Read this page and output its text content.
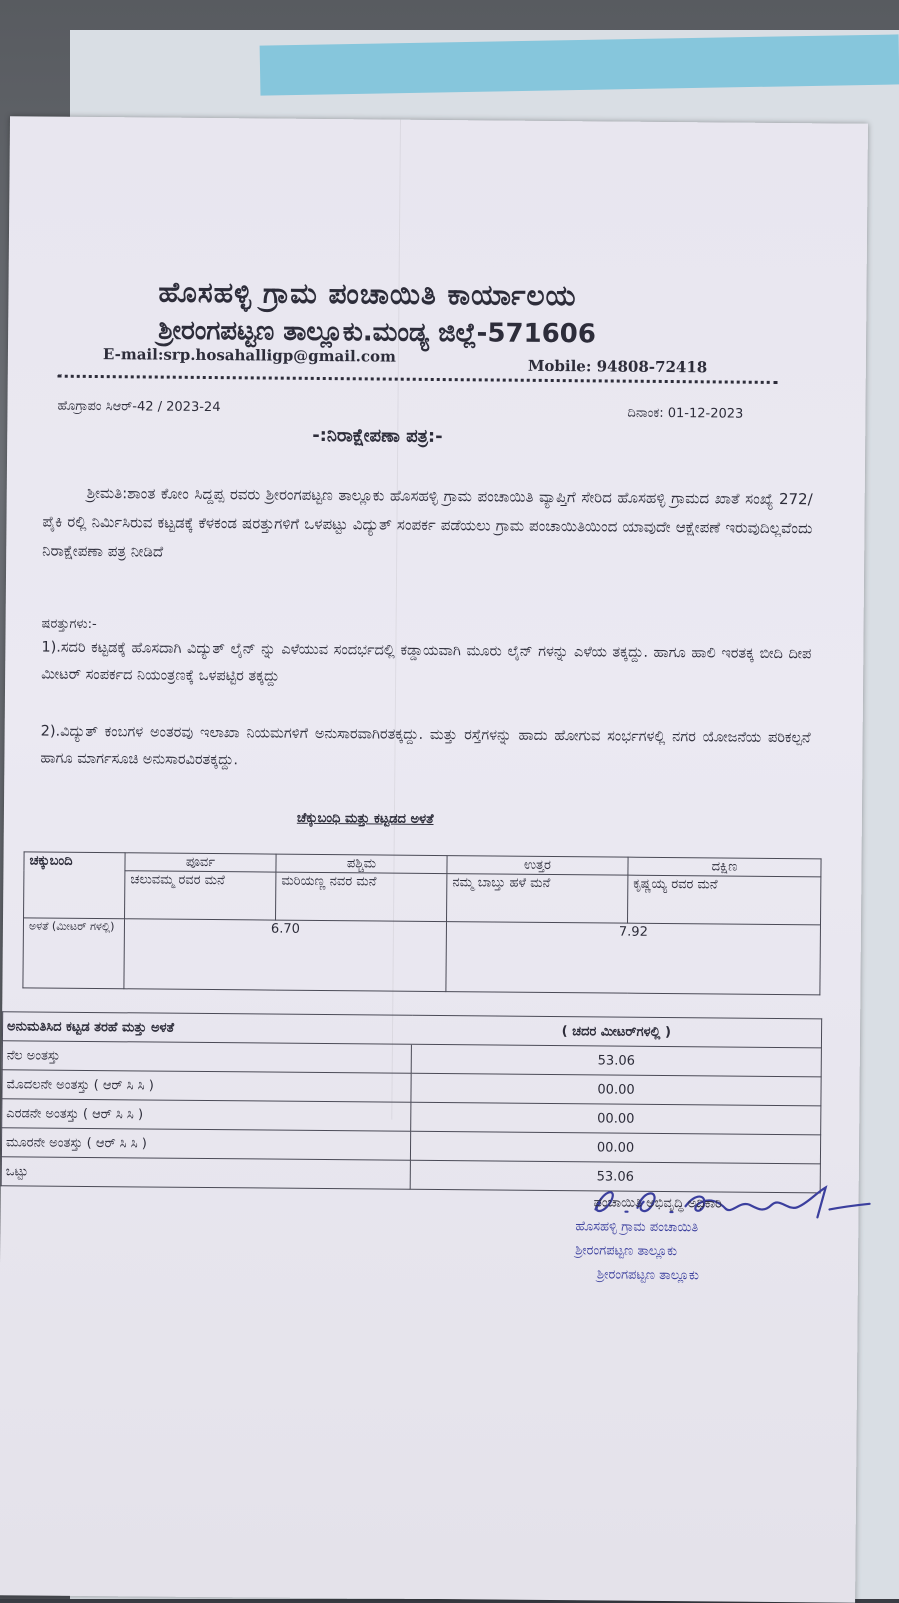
ಹೊಸಹಳ್ಳಿ ಗ್ರಾಮ ಪಂಚಾಯಿತಿ ಕಾರ್ಯಾಲಯ
ಶ್ರೀರಂಗಪಟ್ಟಣ ತಾಲ್ಲೂಕು.ಮಂಡ್ಯ ಜಿಲ್ಲೆ-571606
E-mail:srp.hosahalligp@gmail.com
Mobile: 94808-72418
ಹೊಗ್ರಾಪಂ ಸಿಆರ್-42 / 2023-24	ದಿನಾಂಕ: 01-12-2023
-:ನಿರಾಕ್ಷೇಪಣಾ ಪತ್ರ:-
ಶ್ರೀಮತಿ:ಶಾಂತ ಕೋಂ ಸಿದ್ದಪ್ಪ ರವರು ಶ್ರೀರಂಗಪಟ್ಟಣ ತಾಲ್ಲೂಕು ಹೊಸಹಳ್ಳಿ ಗ್ರಾಮ ಪಂಚಾಯಿತಿ ವ್ಯಾಪ್ತಿಗೆ ಸೇರಿದ ಹೊಸಹಳ್ಳಿ ಗ್ರಾಮದ ಖಾತೆ ಸಂಖ್ಯೆ 272/ಪೈಕಿ ರಲ್ಲಿ ನಿರ್ಮಿಸಿರುವ ಕಟ್ಟಡಕ್ಕೆ ಕೆಳಕಂಡ ಷರತ್ತುಗಳಿಗೆ ಒಳಪಟ್ಟು ವಿದ್ಯುತ್ ಸಂಪರ್ಕ ಪಡೆಯಲು ಗ್ರಾಮ ಪಂಚಾಯಿತಿಯಿಂದ ಯಾವುದೇ ಆಕ್ಷೇಪಣೆ ಇರುವುದಿಲ್ಲವೆಂದು ನಿರಾಕ್ಷೇಪಣಾ ಪತ್ರ ನೀಡಿದೆ
ಷರತ್ತುಗಳು:-
1).ಸದರಿ ಕಟ್ಟಡಕ್ಕೆ ಹೊಸದಾಗಿ ವಿದ್ಯುತ್ ಲೈನ್ ನ್ನು ಎಳೆಯುವ ಸಂದರ್ಭದಲ್ಲಿ ಕಡ್ಡಾಯವಾಗಿ ಮೂರು ಲೈನ್ ಗಳನ್ನು ಎಳೆಯ ತಕ್ಕದ್ದು. ಹಾಗೂ ಹಾಲಿ ಇರತಕ್ಕ ಬೀದಿ ದೀಪ ಮೀಟರ್ ಸಂಪರ್ಕದ ನಿಯಂತ್ರಣಕ್ಕೆ ಒಳಪಟ್ಟಿರ ತಕ್ಕದ್ದು
2).ವಿದ್ಯುತ್ ಕಂಬಗಳ ಅಂತರವು ಇಲಾಖಾ ನಿಯಮಗಳಿಗೆ ಅನುಸಾರವಾಗಿರತಕ್ಕದ್ದು. ಮತ್ತು ರಸ್ತೆಗಳನ್ನು ಹಾದು ಹೋಗುವ ಸಂರ್ಭಗಳಲ್ಲಿ ನಗರ ಯೋಜನೆಯ ಪರಿಕಲ್ಪನೆ ಹಾಗೂ ಮಾರ್ಗಸೂಚಿ ಅನುಸಾರವಿರತಕ್ಕದ್ದು.
ಚೆಕ್ಕುಬಂಧಿ ಮತ್ತು ಕಟ್ಟಡದ ಅಳತೆ
ಚಕ್ಕುಬಂದಿ	ಪೂರ್ವ	ಪಶ್ಚಿಮ	ಉತ್ತರ	ದಕ್ಷಿಣ
	ಚಲುವಮ್ಮ ರವರ ಮನೆ	ಮರಿಯಣ್ಣ ನವರ ಮನೆ	ನಮ್ಮ ಬಾಬ್ತು ಹಳೆ ಮನೆ	ಕೃಷ್ಣಯ್ಯ ರವರ ಮನೆ
ಅಳತೆ (ಮೀಟರ್ ಗಳಲ್ಲಿ)	6.70		7.92	
ಅನುಮತಿಸಿದ ಕಟ್ಟಡ ತರಹೆ ಮತ್ತು ಅಳತೆ	( ಚದರ ಮೀಟರ್‌ಗಳಲ್ಲಿ )
ನೆಲ ಅಂತಸ್ತು	53.06
ಮೊದಲನೇ ಅಂತಸ್ತು ( ಆರ್ ಸಿ ಸಿ )	00.00
ಎರಡನೇ ಅಂತಸ್ತು ( ಆರ್ ಸಿ ಸಿ )	00.00
ಮೂರನೇ ಅಂತಸ್ತು ( ಆರ್ ಸಿ ಸಿ )	00.00
ಒಟ್ಟು	53.06
ಪಂಚಾಯಿತಿ ಅಭಿವೃದ್ಧಿ ಅಧಿಕಾರಿ
ಹೊಸಹಳ್ಳಿ ಗ್ರಾಮ ಪಂಚಾಯಿತಿ
ಶ್ರೀರಂಗಪಟ್ಟಣ ತಾಲ್ಲೂಕು
ಶ್ರೀರಂಗಪಟ್ಟಣ ತಾಲ್ಲೂಕು
